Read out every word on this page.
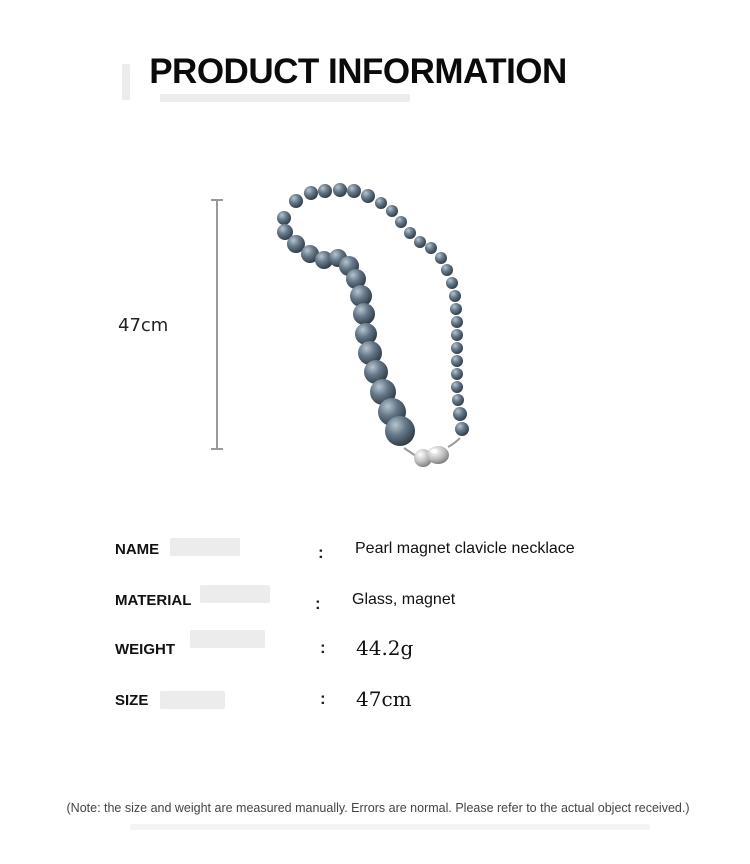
PRODUCT INFORMATION
47cm
NAME	: Pearl magnet clavicle necklace
MATERIAL	: Glass, magnet
WEIGHT	: 44.2g
SIZE	: 47cm
(Note: the size and weight are measured manually. Errors are normal. Please refer to the actual object received.)
